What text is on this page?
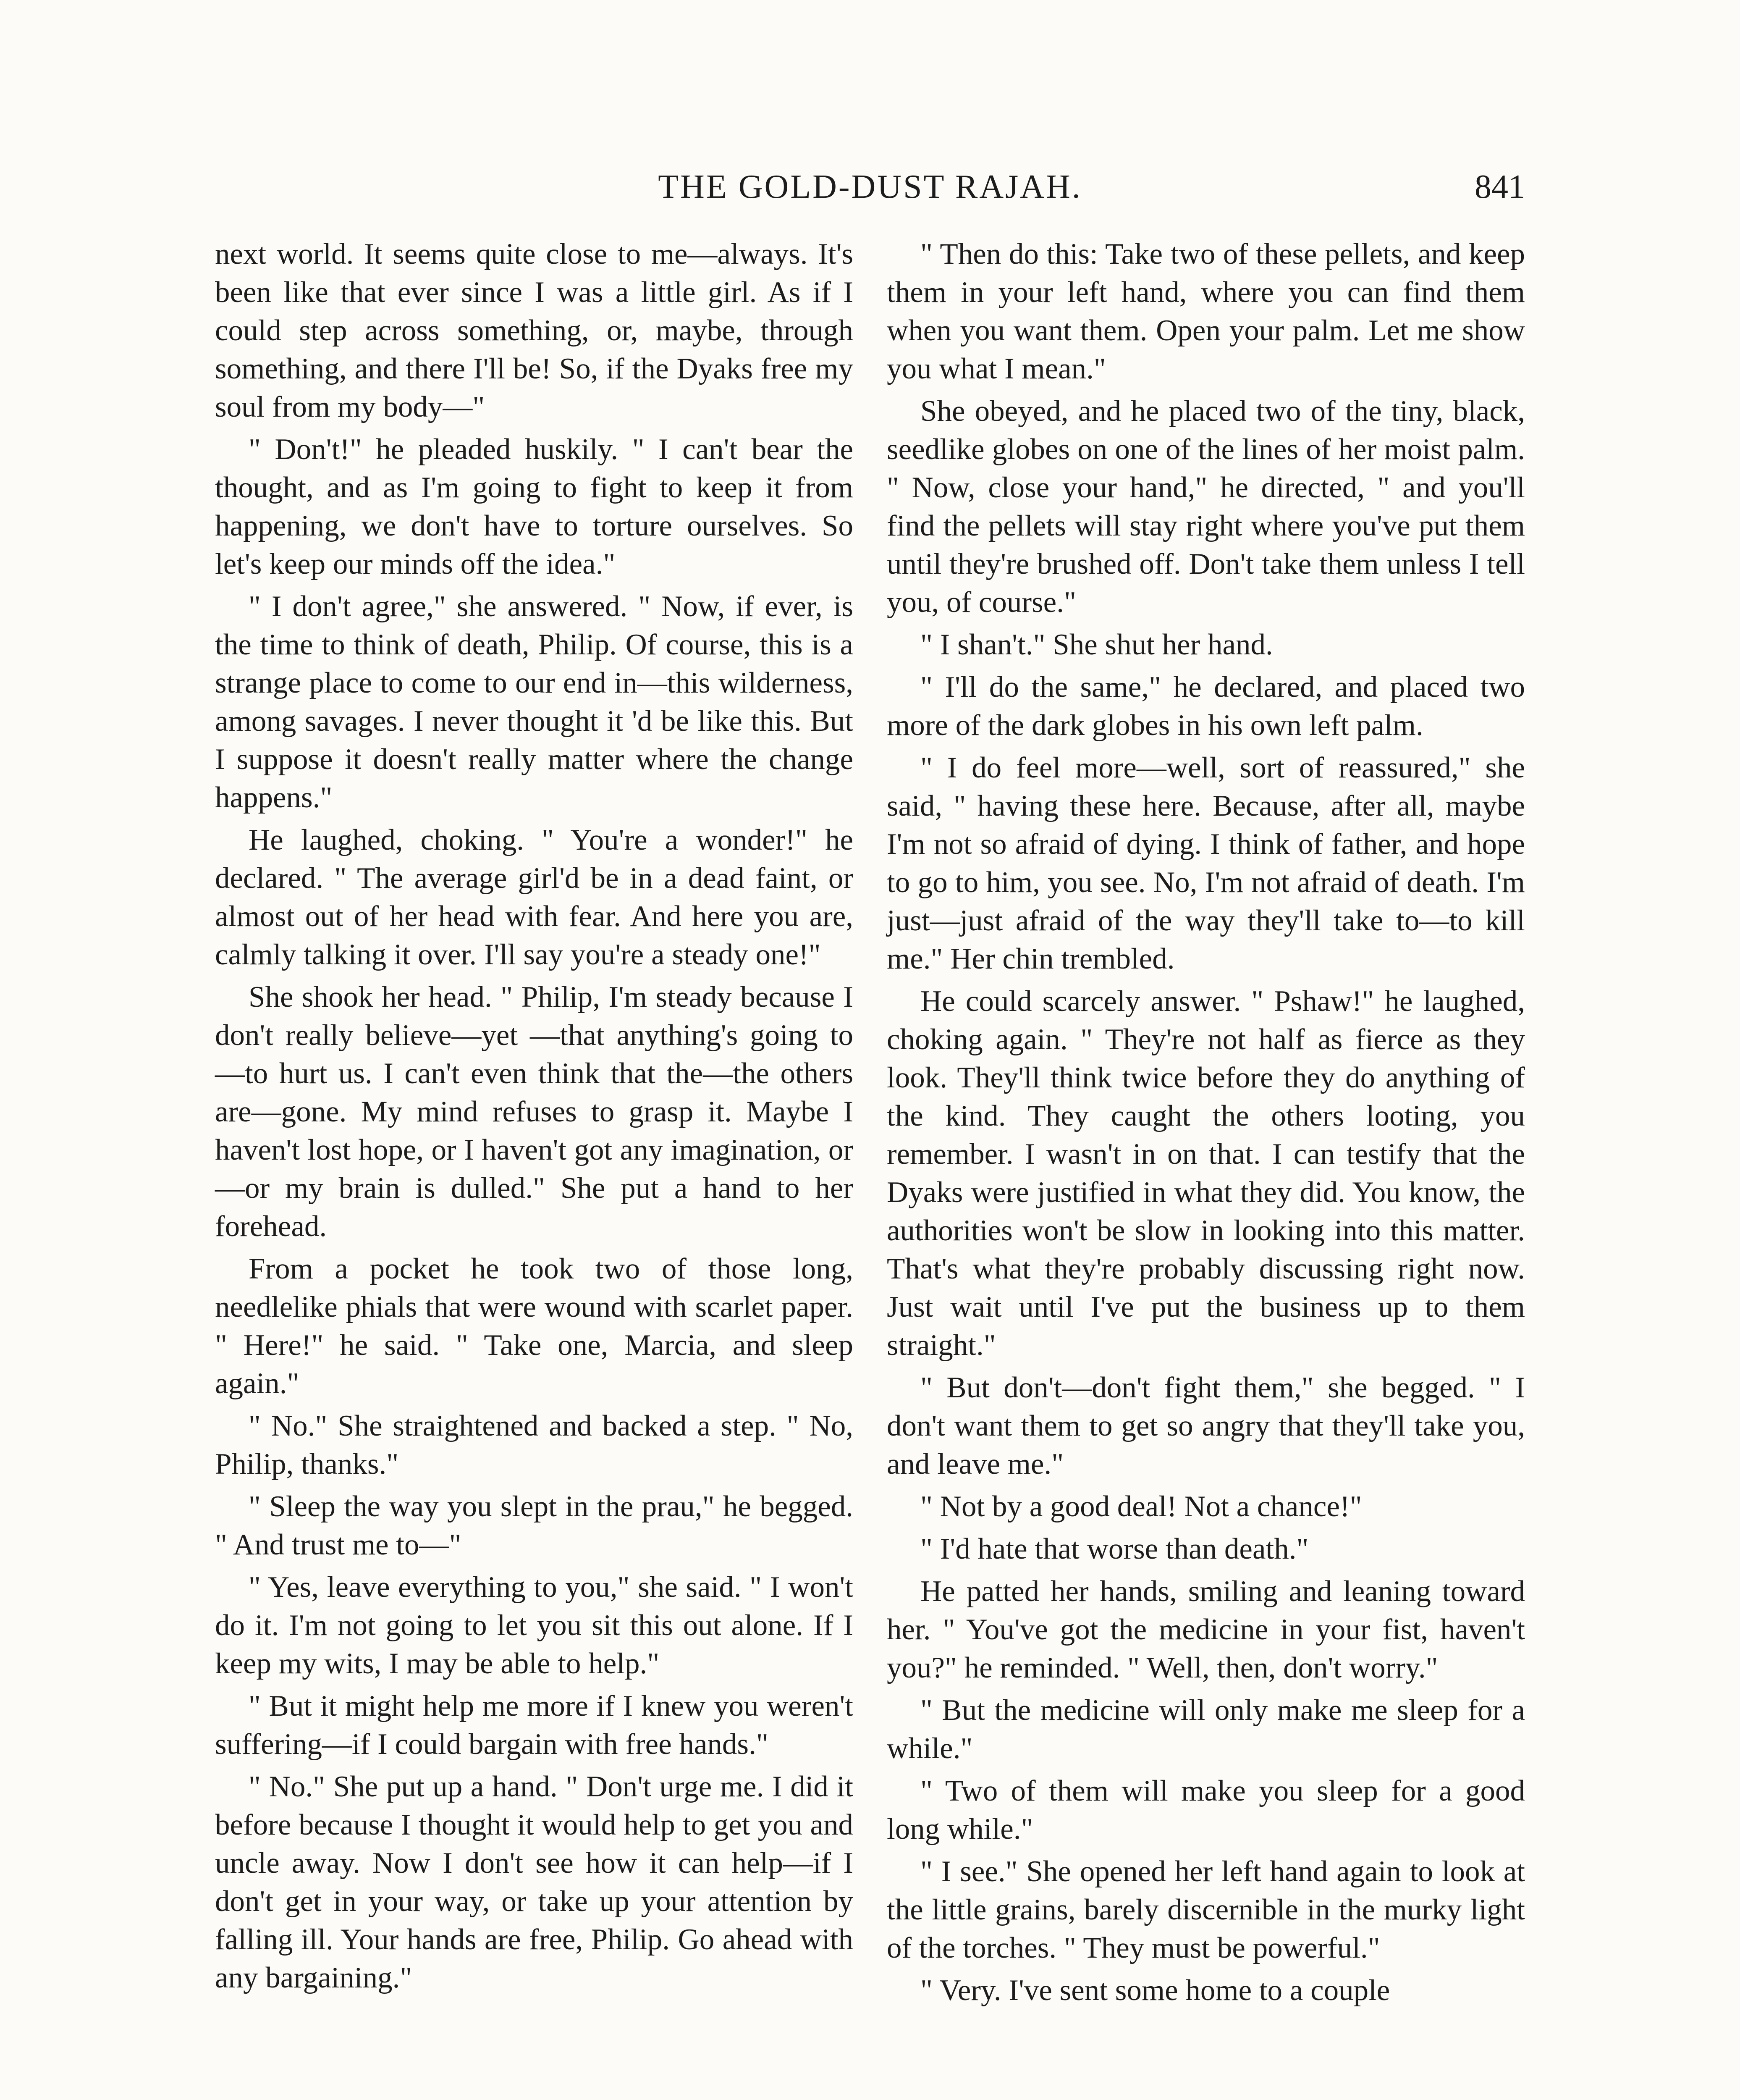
THE GOLD-DUST RAJAH.	841

next world. It seems quite close to me—always. It's been like that ever since I was a little girl. As if I could step across something, or, maybe, through something, and there I'll be! So, if the Dyaks free my soul from my body—"

" Don't!" he pleaded huskily. " I can't bear the thought, and as I'm going to fight to keep it from happening, we don't have to torture ourselves. So let's keep our minds off the idea."

" I don't agree," she answered. " Now, if ever, is the time to think of death, Philip. Of course, this is a strange place to come to our end in—this wilderness, among savages. I never thought it 'd be like this. But I suppose it doesn't really matter where the change happens."

He laughed, choking. " You're a wonder!" he declared. " The average girl'd be in a dead faint, or almost out of her head with fear. And here you are, calmly talking it over. I'll say you're a steady one!"

She shook her head. " Philip, I'm steady because I don't really believe—yet —that anything's going to—to hurt us. I can't even think that the—the others are—gone. My mind refuses to grasp it. Maybe I haven't lost hope, or I haven't got any imagination, or—or my brain is dulled." She put a hand to her forehead.

From a pocket he took two of those long, needlelike phials that were wound with scarlet paper. " Here!" he said. " Take one, Marcia, and sleep again."

" No." She straightened and backed a step. " No, Philip, thanks."

" Sleep the way you slept in the prau," he begged. " And trust me to—"

" Yes, leave everything to you," she said. " I won't do it. I'm not going to let you sit this out alone. If I keep my wits, I may be able to help."

" But it might help me more if I knew you weren't suffering—if I could bargain with free hands."

" No." She put up a hand. " Don't urge me. I did it before because I thought it would help to get you and uncle away. Now I don't see how it can help—if I don't get in your way, or take up your attention by falling ill. Your hands are free, Philip. Go ahead with any bargaining."

" Then do this: Take two of these pellets, and keep them in your left hand, where you can find them when you want them. Open your palm. Let me show you what I mean."

She obeyed, and he placed two of the tiny, black, seedlike globes on one of the lines of her moist palm. " Now, close your hand," he directed, " and you'll find the pellets will stay right where you've put them until they're brushed off. Don't take them unless I tell you, of course."

" I shan't." She shut her hand.

" I'll do the same," he declared, and placed two more of the dark globes in his own left palm.

" I do feel more—well, sort of reassured," she said, " having these here. Because, after all, maybe I'm not so afraid of dying. I think of father, and hope to go to him, you see. No, I'm not afraid of death. I'm just—just afraid of the way they'll take to—to kill me." Her chin trembled.

He could scarcely answer. " Pshaw!" he laughed, choking again. " They're not half as fierce as they look. They'll think twice before they do anything of the kind. They caught the others looting, you remember. I wasn't in on that. I can testify that the Dyaks were justified in what they did. You know, the authorities won't be slow in looking into this matter. That's what they're probably discussing right now. Just wait until I've put the business up to them straight."

" But don't—don't fight them," she begged. " I don't want them to get so angry that they'll take you, and leave me."

" Not by a good deal! Not a chance!"

" I'd hate that worse than death."

He patted her hands, smiling and leaning toward her. " You've got the medicine in your fist, haven't you?" he reminded. " Well, then, don't worry."

" But the medicine will only make me sleep for a while."

" Two of them will make you sleep for a good long while."

" I see." She opened her left hand again to look at the little grains, barely discernible in the murky light of the torches. " They must be powerful."

" Very. I've sent some home to a couple
